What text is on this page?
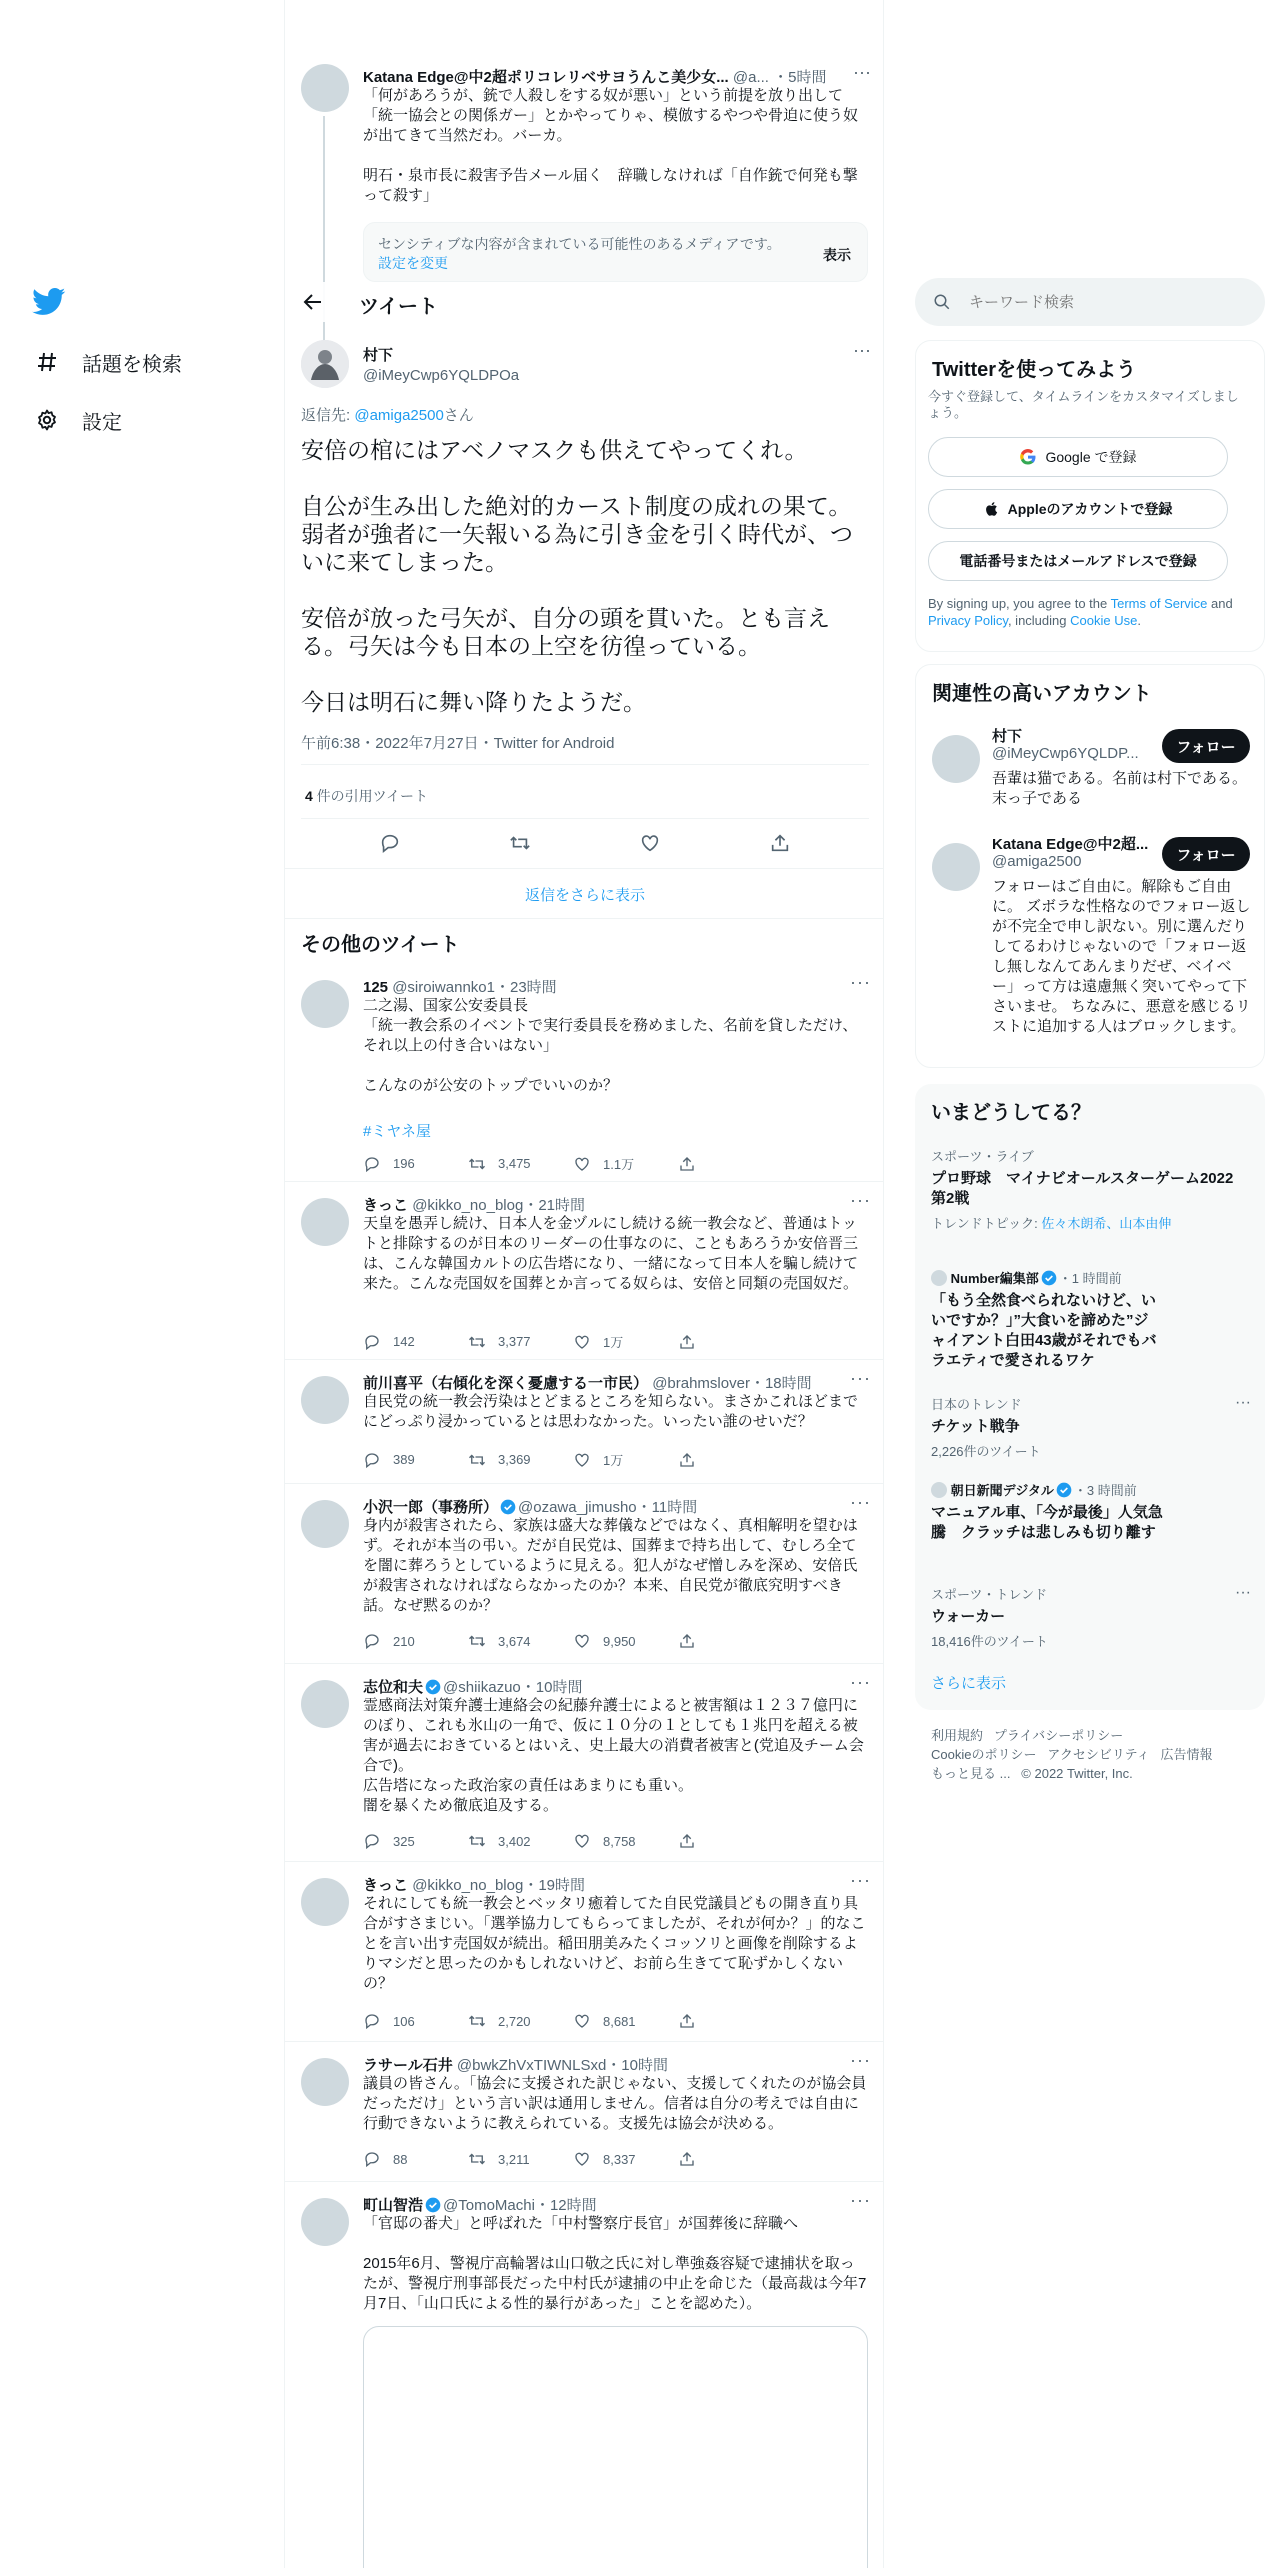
話題を検索
設定
Katana Edge@中2超ポリコレリベサヨうんこ美少女... @a... ・5時間	···
「何があろうが、銃で人殺しをする奴が悪い」という前提を放り出して「統一協会との関係ガー」とかやってりゃ、模倣するやつや骨迫に使う奴が出てきて当然だわ。バーカ。

明石・泉市長に殺害予告メール届く　辞職しなければ「自作銃で何発も撃って殺す」
センシティブな内容が含まれている可能性のあるメディアです。設定を変更	表示
ツイート
村下
@iMeyCwp6YQLDPOa
···
返信先: @amiga2500さん
安倍の棺にはアベノマスクも供えてやってくれ。

自公が生み出した絶対的カースト制度の成れの果て。弱者が強者に一矢報いる為に引き金を引く時代が、ついに来てしまった。

安倍が放った弓矢が、自分の頭を貫いた。とも言える。弓矢は今も日本の上空を彷徨っている。

今日は明石に舞い降りたようだ。
午前6:38・2022年7月27日・Twitter for Android
4 件の引用ツイート
返信をさらに表示
その他のツイート
125 @siroiwannko1・23時間	···
二之湯、国家公安委員長
「統一教会系のイベントで実行委員長を務めました、名前を貸しただけ、それ以上の付き合いはない」

こんなのが公安のトップでいいのか？
#ミヤネ屋
196	3,475	1.1万
きっこ @kikko_no_blog・21時間	···
天皇を愚弄し続け、日本人を金ヅルにし続ける統一教会など、普通はトットと排除するのが日本のリーダーの仕事なのに、こともあろうか安倍晋三は、こんな韓国カルトの広告塔になり、一緒になって日本人を騙し続けて来た。こんな売国奴を国葬とか言ってる奴らは、安倍と同類の売国奴だ。
142	3,377	1万
前川喜平（右傾化を深く憂慮する一市民） @brahmslover・18時間	···
自民党の統一教会汚染はとどまるところを知らない。まさかこれほどまでにどっぷり浸かっているとは思わなかった。いったい誰のせいだ？
389	3,369	1万
小沢一郎（事務所） @ozawa_jimusho・11時間	···
身内が殺害されたら、家族は盛大な葬儀などではなく、真相解明を望むはず。それが本当の弔い。だが自民党は、国葬まで持ち出して、むしろ全てを闇に葬ろうとしているように見える。犯人がなぜ憎しみを深め、安倍氏が殺害されなければならなかったのか？本来、自民党が徹底究明すべき話。なぜ黙るのか？
210	3,674	9,950
志位和夫 @shiikazuo・10時間	···
霊感商法対策弁護士連絡会の紀藤弁護士によると被害額は１２３７億円にのぼり、これも氷山の一角で、仮に１０分の１としても１兆円を超える被害が過去におきているとはいえ、史上最大の消費者被害と(党追及チーム会合で)。
広告塔になった政治家の責任はあまりにも重い。
闇を暴くため徹底追及する。
325	3,402	8,758
きっこ @kikko_no_blog・19時間	···
それにしても統一教会とベッタリ癒着してた自民党議員どもの開き直り具合がすさまじい。「選挙協力してもらってましたが、それが何か？」的なことを言い出す売国奴が続出。稲田朋美みたくコッソリと画像を削除するよりマシだと思ったのかもしれないけど、お前ら生きてて恥ずかしくないの？
106	2,720	8,681
ラサール石井 @bwkZhVxTIWNLSxd・10時間	···
議員の皆さん。「協会に支援された訳じゃない、支援してくれたのが協会員だっただけ」という言い訳は通用しません。信者は自分の考えでは自由に行動できないように教えられている。支援先は協会が決める。
88	3,211	8,337
町山智浩 @TomoMachi・12時間	···
「官邸の番犬」と呼ばれた「中村警察庁長官」が国葬後に辞職へ

2015年6月、警視庁高輪署は山口敬之氏に対し準強姦容疑で逮捕状を取ったが、警視庁刑事部長だった中村氏が逮捕の中止を命じた（最高裁は今年7月7日、「山口氏による性的暴行があった」ことを認めた）。
キーワード検索
Twitterを使ってみよう
今すぐ登録して、タイムラインをカスタマイズしましょう。
Google で登録
Appleのアカウントで登録
電話番号またはメールアドレスで登録
By signing up, you agree to the Terms of Service and Privacy Policy, including Cookie Use.
関連性の高いアカウント
村下
@iMeyCwp6YQLDP...	フォロー
吾輩は猫である。名前は村下である。末っ子である
Katana Edge@中2超...
@amiga2500	フォロー
フォローはご自由に。解除もご自由に。 ズボラな性格なのでフォロー返しが不完全で申し訳ない。別に選んだりしてるわけじゃないので「フォロー返し無しなんてあんまりだぜ、ベイベー」って方は遠慮無く突いてやって下さいませ。 ちなみに、悪意を感じるリストに追加する人はブロックします。
いまどうしてる？
スポーツ・ライブ
プロ野球　マイナビオールスターゲーム2022 第2戦
トレンドトピック: 佐々木朗希、山本由伸
Number編集部 ・1 時間前
「もう全然食べられないけど、いいですか？」”大食いを諦めた”ジャイアント白田43歳がそれでもバラエティで愛されるワケ
日本のトレンド
チケット戦争
2,226件のツイート
···
朝日新聞デジタル ・3 時間前
マニュアル車、「今が最後」人気急騰　クラッチは悲しみも切り離す
スポーツ・トレンド
ウォーカー
18,416件のツイート
···
さらに表示
利用規約 プライバシーポリシー
Cookieのポリシー アクセシビリティ 広告情報
もっと見る ... © 2022 Twitter, Inc.
